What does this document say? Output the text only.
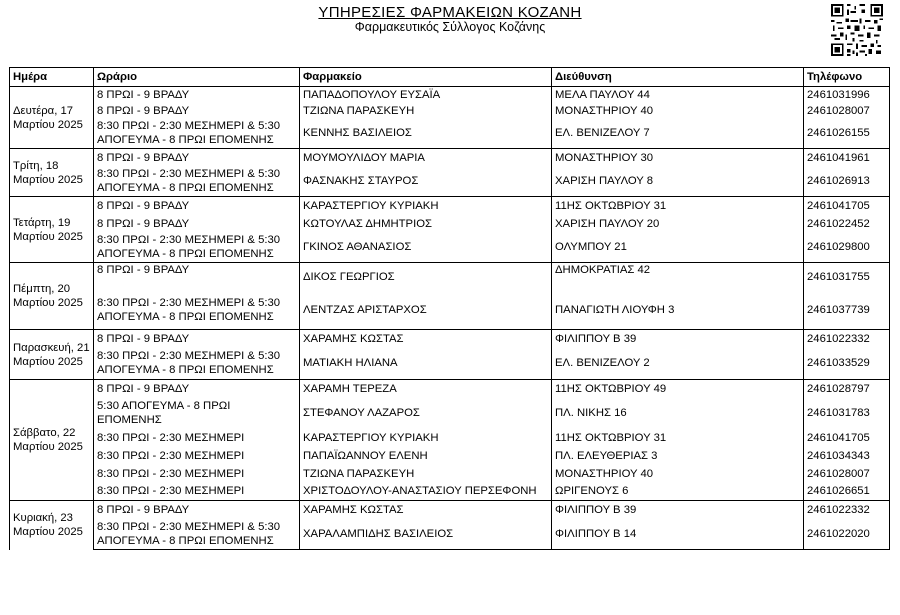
ΥΠΗΡΕΣΙΕΣ ΦΑΡΜΑΚΕΙΩΝ ΚΟΖΑΝΗ
Φαρμακευτικός Σύλλογος Κοζάνης
Ημέρα	Ωράριο	Φαρμακείο	Διεύθυνση	Τηλέφωνο
Δευτέρα, 17 Μαρτίου 2025	8 ΠΡΩΙ - 9 ΒΡΑΔΥ	ΠΑΠΑΔΟΠΟΥΛΟΥ ΕΥΣΑΪΑ	ΜΕΛΑ ΠΑΥΛΟΥ 44	2461031996
	8 ΠΡΩΙ - 9 ΒΡΑΔΥ	ΤΖΙΩΝΑ ΠΑΡΑΣΚΕΥΗ	ΜΟΝΑΣΤΗΡΙΟΥ 40	2461028007
	8:30 ΠΡΩΙ - 2:30 ΜΕΣΗΜΕΡΙ & 5:30 ΑΠΟΓΕΥΜΑ - 8 ΠΡΩΙ ΕΠΟΜΕΝΗΣ	ΚΕΝΝΗΣ ΒΑΣΙΛΕΙΟΣ	ΕΛ. ΒΕΝΙΖΕΛΟΥ 7	2461026155
Τρίτη, 18 Μαρτίου 2025	8 ΠΡΩΙ - 9 ΒΡΑΔΥ	ΜΟΥΜΟΥΛΙΔΟΥ ΜΑΡΙΑ	ΜΟΝΑΣΤΗΡΙΟΥ 30	2461041961
	8:30 ΠΡΩΙ - 2:30 ΜΕΣΗΜΕΡΙ & 5:30 ΑΠΟΓΕΥΜΑ - 8 ΠΡΩΙ ΕΠΟΜΕΝΗΣ	ΦΑΣΝΑΚΗΣ ΣΤΑΥΡΟΣ	ΧΑΡΙΣΗ ΠΑΥΛΟΥ 8	2461026913
Τετάρτη, 19 Μαρτίου 2025	8 ΠΡΩΙ - 9 ΒΡΑΔΥ	ΚΑΡΑΣΤΕΡΓΙΟΥ ΚΥΡΙΑΚΗ	11ΗΣ ΟΚΤΩΒΡΙΟΥ 31	2461041705
	8 ΠΡΩΙ - 9 ΒΡΑΔΥ	ΚΩΤΟΥΛΑΣ ΔΗΜΗΤΡΙΟΣ	ΧΑΡΙΣΗ ΠΑΥΛΟΥ 20	2461022452
	8:30 ΠΡΩΙ - 2:30 ΜΕΣΗΜΕΡΙ & 5:30 ΑΠΟΓΕΥΜΑ - 8 ΠΡΩΙ ΕΠΟΜΕΝΗΣ	ΓΚΙΝΟΣ ΑΘΑΝΑΣΙΟΣ	ΟΛΥΜΠΟΥ 21	2461029800
Πέμπτη, 20 Μαρτίου 2025	8 ΠΡΩΙ - 9 ΒΡΑΔΥ	ΔΙΚΟΣ ΓΕΩΡΓΙΟΣ	ΔΗΜΟΚΡΑΤΙΑΣ 42	2461031755
	8:30 ΠΡΩΙ - 2:30 ΜΕΣΗΜΕΡΙ & 5:30 ΑΠΟΓΕΥΜΑ - 8 ΠΡΩΙ ΕΠΟΜΕΝΗΣ	ΛΕΝΤΖΑΣ ΑΡΙΣΤΑΡΧΟΣ	ΠΑΝΑΓΙΩΤΗ ΛΙΟΥΦΗ 3	2461037739
Παρασκευή, 21 Μαρτίου 2025	8 ΠΡΩΙ - 9 ΒΡΑΔΥ	ΧΑΡΑΜΗΣ ΚΩΣΤΑΣ	ΦΙΛΙΠΠΟΥ Β 39	2461022332
	8:30 ΠΡΩΙ - 2:30 ΜΕΣΗΜΕΡΙ & 5:30 ΑΠΟΓΕΥΜΑ - 8 ΠΡΩΙ ΕΠΟΜΕΝΗΣ	ΜΑΤΙΑΚΗ ΗΛΙΑΝΑ	ΕΛ. ΒΕΝΙΖΕΛΟΥ 2	2461033529
Σάββατο, 22 Μαρτίου 2025	8 ΠΡΩΙ - 9 ΒΡΑΔΥ	ΧΑΡΑΜΗ ΤΕΡΕΖΑ	11ΗΣ ΟΚΤΩΒΡΙΟΥ 49	2461028797
	5:30 ΑΠΟΓΕΥΜΑ - 8 ΠΡΩΙ ΕΠΟΜΕΝΗΣ	ΣΤΕΦΑΝΟΥ ΛΑΖΑΡΟΣ	ΠΛ. ΝΙΚΗΣ 16	2461031783
	8:30 ΠΡΩΙ - 2:30 ΜΕΣΗΜΕΡΙ	ΚΑΡΑΣΤΕΡΓΙΟΥ ΚΥΡΙΑΚΗ	11ΗΣ ΟΚΤΩΒΡΙΟΥ 31	2461041705
	8:30 ΠΡΩΙ - 2:30 ΜΕΣΗΜΕΡΙ	ΠΑΠΑΪΩΑΝΝΟΥ ΕΛΕΝΗ	ΠΛ. ΕΛΕΥΘΕΡΙΑΣ 3	2461034343
	8:30 ΠΡΩΙ - 2:30 ΜΕΣΗΜΕΡΙ	ΤΖΙΩΝΑ ΠΑΡΑΣΚΕΥΗ	ΜΟΝΑΣΤΗΡΙΟΥ 40	2461028007
	8:30 ΠΡΩΙ - 2:30 ΜΕΣΗΜΕΡΙ	ΧΡΙΣΤΟΔΟΥΛΟΥ-ΑΝΑΣΤΑΣΙΟΥ ΠΕΡΣΕΦΟΝΗ	ΩΡΙΓΕΝΟΥΣ 6	2461026651
Κυριακή, 23 Μαρτίου 2025	8 ΠΡΩΙ - 9 ΒΡΑΔΥ	ΧΑΡΑΜΗΣ ΚΩΣΤΑΣ	ΦΙΛΙΠΠΟΥ Β 39	2461022332
	8:30 ΠΡΩΙ - 2:30 ΜΕΣΗΜΕΡΙ & 5:30 ΑΠΟΓΕΥΜΑ - 8 ΠΡΩΙ ΕΠΟΜΕΝΗΣ	ΧΑΡΑΛΑΜΠΙΔΗΣ ΒΑΣΙΛΕΙΟΣ	ΦΙΛΙΠΠΟΥ Β 14	2461022020
